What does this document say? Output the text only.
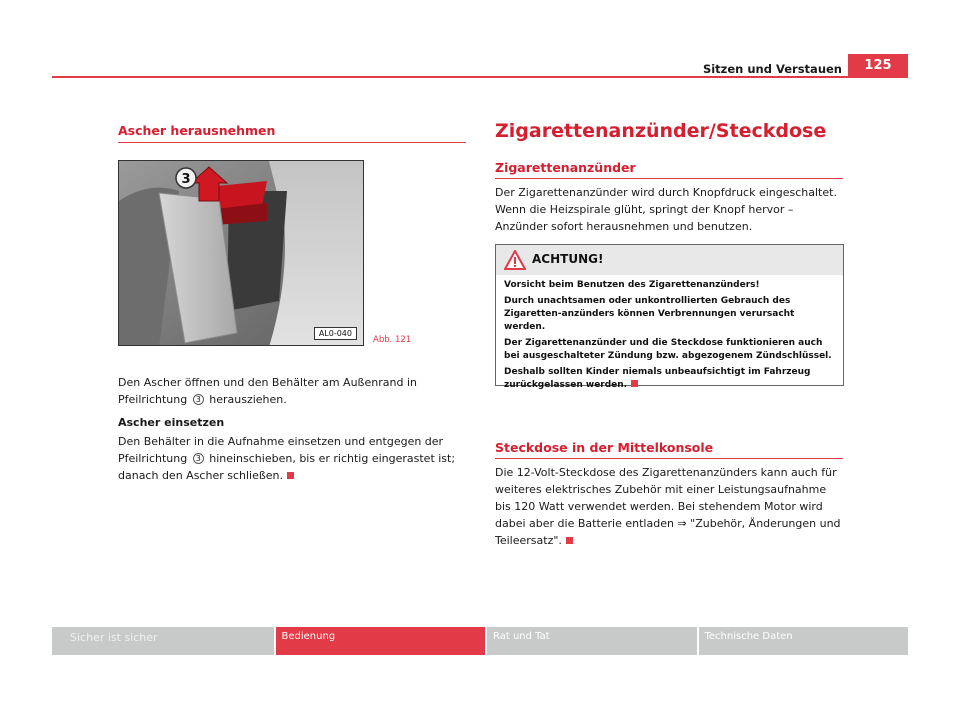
Sitzen und Verstauen	125
Ascher herausnehmen
3
AL0-040
Abb. 121

Den Ascher öffnen und den Behälter am Außenrand in Pfeilrichtung 3 herausziehen.

Ascher einsetzen

Den Behälter in die Aufnahme einsetzen und entgegen der Pfeilrichtung 3 hineinschieben, bis er richtig eingerastet ist; danach den Ascher schließen.

Zigarettenanzünder/Steckdose
Zigarettenanzünder

Der Zigarettenanzünder wird durch Knopfdruck eingeschaltet. Wenn die Heizspirale glüht, springt der Knopf hervor – Anzünder sofort herausnehmen und benutzen.

ACHTUNG!

Vorsicht beim Benutzen des Zigarettenanzünders!

Durch unachtsamen oder unkontrollierten Gebrauch des Zigaretten-anzünders können Verbrennungen verursacht werden.

Der Zigarettenanzünder und die Steckdose funktionieren auch bei ausgeschalteter Zündung bzw. abgezogenem Zündschlüssel.

Deshalb sollten Kinder niemals unbeaufsichtigt im Fahrzeug zurückgelassen werden.

Steckdose in der Mittelkonsole

Die 12-Volt-Steckdose des Zigarettenanzünders kann auch für weiteres elektrisches Zubehör mit einer Leistungsaufnahme bis 120 Watt verwendet werden. Bei stehendem Motor wird dabei aber die Batterie entladen ⇒ "Zubehör, Änderungen und Teileersatz".

Sicher ist sicher	Bedienung	Rat und Tat	Technische Daten
